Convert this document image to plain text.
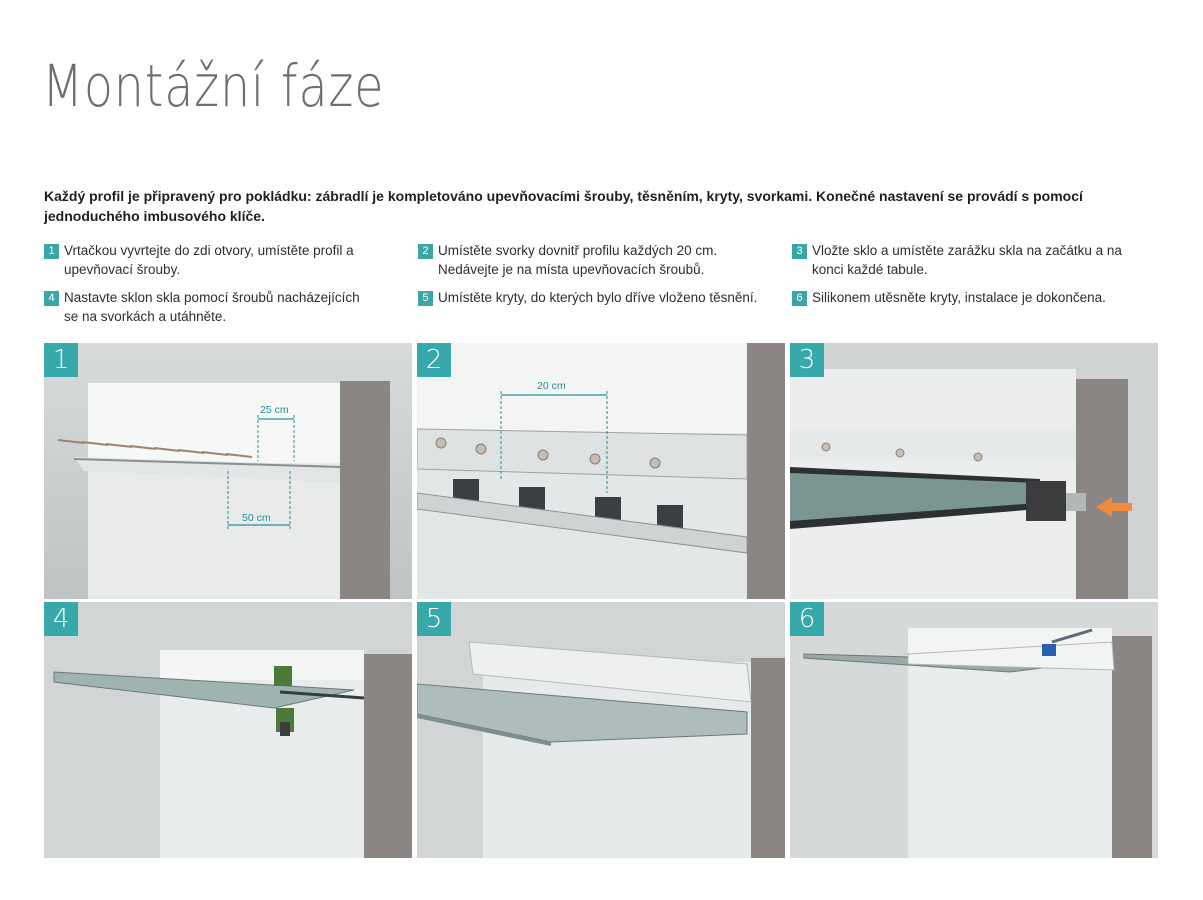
Montážní fáze
Každý profil je připravený pro pokládku: zábradlí je kompletováno upevňovacími šrouby, těsněním, kryty, svorkami. Konečné nastavení se provádí s pomocí jednoduchého imbusového klíče.
1 Vrtačkou vyvrtejte do zdi otvory, umístěte profil a
upevňovací šrouby.
2 Umístěte svorky dovnitř profilu každých 20 cm.
Nedávejte je na místa upevňovacích šroubů.
3 Vložte sklo a umístěte zarážku skla na začátku a na
konci každé tabule.
4 Nastavte sklon skla pomocí šroubů nacházejících
se na svorkách a utáhněte.
5 Umístěte kryty, do kterých bylo dříve vloženo těsnění.	6 Silikonem utěsněte kryty, instalace je dokončena.
25 cm
50 cm
1
20 cm
2	3
4	5	6
